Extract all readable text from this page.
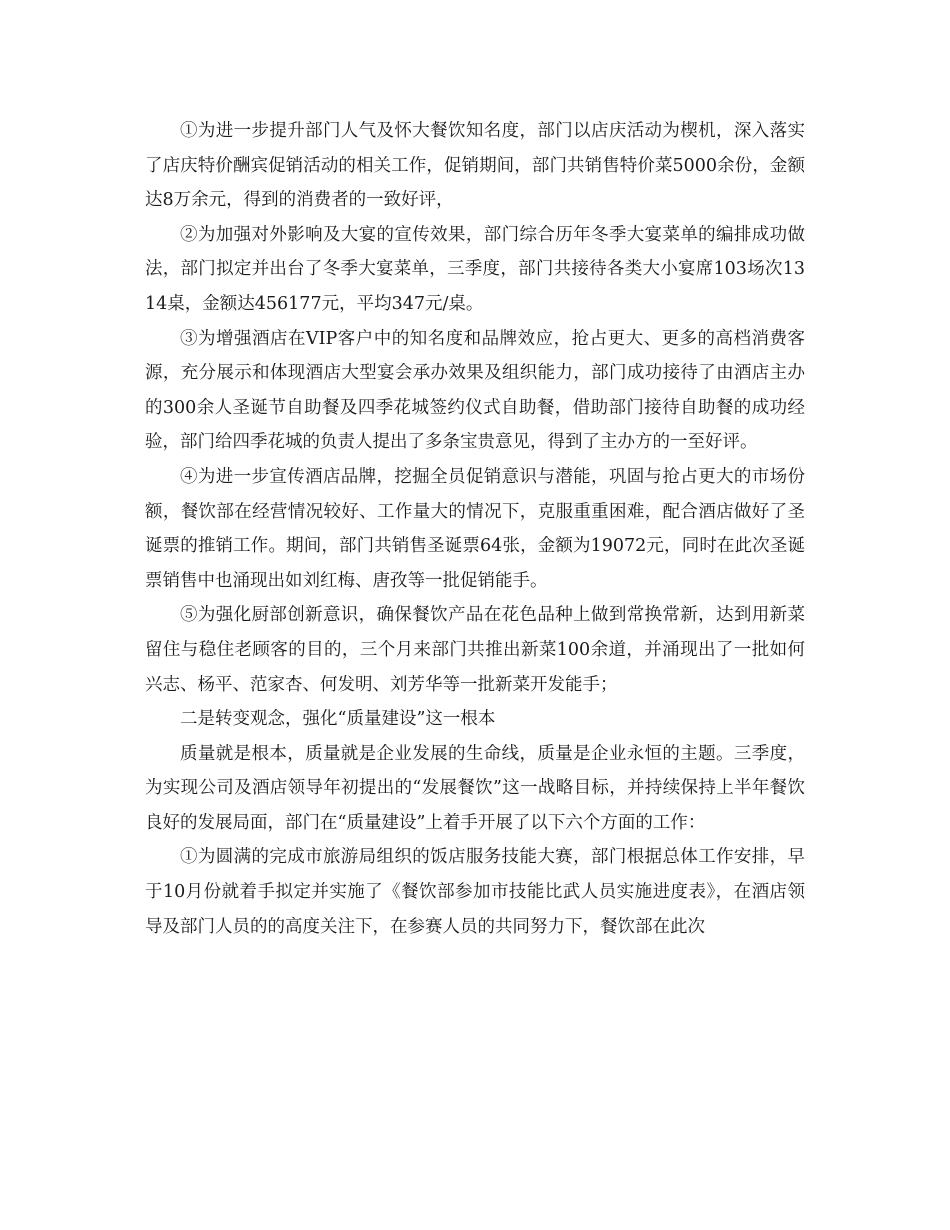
①为进一步提升部门人气及怀大餐饮知名度，部门以店庆活动为楔机，深入落实了店庆特价酬宾促销活动的相关工作，促销期间，部门共销售特价菜5000余份，金额达8万余元，得到的消费者的一致好评，

②为加强对外影响及大宴的宣传效果，部门综合历年冬季大宴菜单的编排成功做法，部门拟定并出台了冬季大宴菜单，三季度，部门共接待各类大小宴席103场次1314桌，金额达456177元，平均347元/桌。

③为增强酒店在VIP客户中的知名度和品牌效应，抢占更大、更多的高档消费客源，充分展示和体现酒店大型宴会承办效果及组织能力，部门成功接待了由酒店主办的300余人圣诞节自助餐及四季花城签约仪式自助餐，借助部门接待自助餐的成功经验，部门给四季花城的负责人提出了多条宝贵意见，得到了主办方的一至好评。

④为进一步宣传酒店品牌，挖掘全员促销意识与潜能，巩固与抢占更大的市场份额，餐饮部在经营情况较好、工作量大的情况下，克服重重困难，配合酒店做好了圣诞票的推销工作。期间，部门共销售圣诞票64张，金额为19072元，同时在此次圣诞票销售中也涌现出如刘红梅、唐孜等一批促销能手。

⑤为强化厨部创新意识，确保餐饮产品在花色品种上做到常换常新，达到用新菜留住与稳住老顾客的目的，三个月来部门共推出新菜100余道，并涌现出了一批如何兴志、杨平、范家杏、何发明、刘芳华等一批新菜开发能手；

二是转变观念，强化“质量建设”这一根本

质量就是根本，质量就是企业发展的生命线，质量是企业永恒的主题。三季度，为实现公司及酒店领导年初提出的“发展餐饮”这一战略目标，并持续保持上半年餐饮良好的发展局面，部门在“质量建设”上着手开展了以下六个方面的工作：

①为圆满的完成市旅游局组织的饭店服务技能大赛，部门根据总体工作安排，早于10月份就着手拟定并实施了《餐饮部参加市技能比武人员实施进度表》，在酒店领导及部门人员的的高度关注下，在参赛人员的共同努力下，餐饮部在此次
